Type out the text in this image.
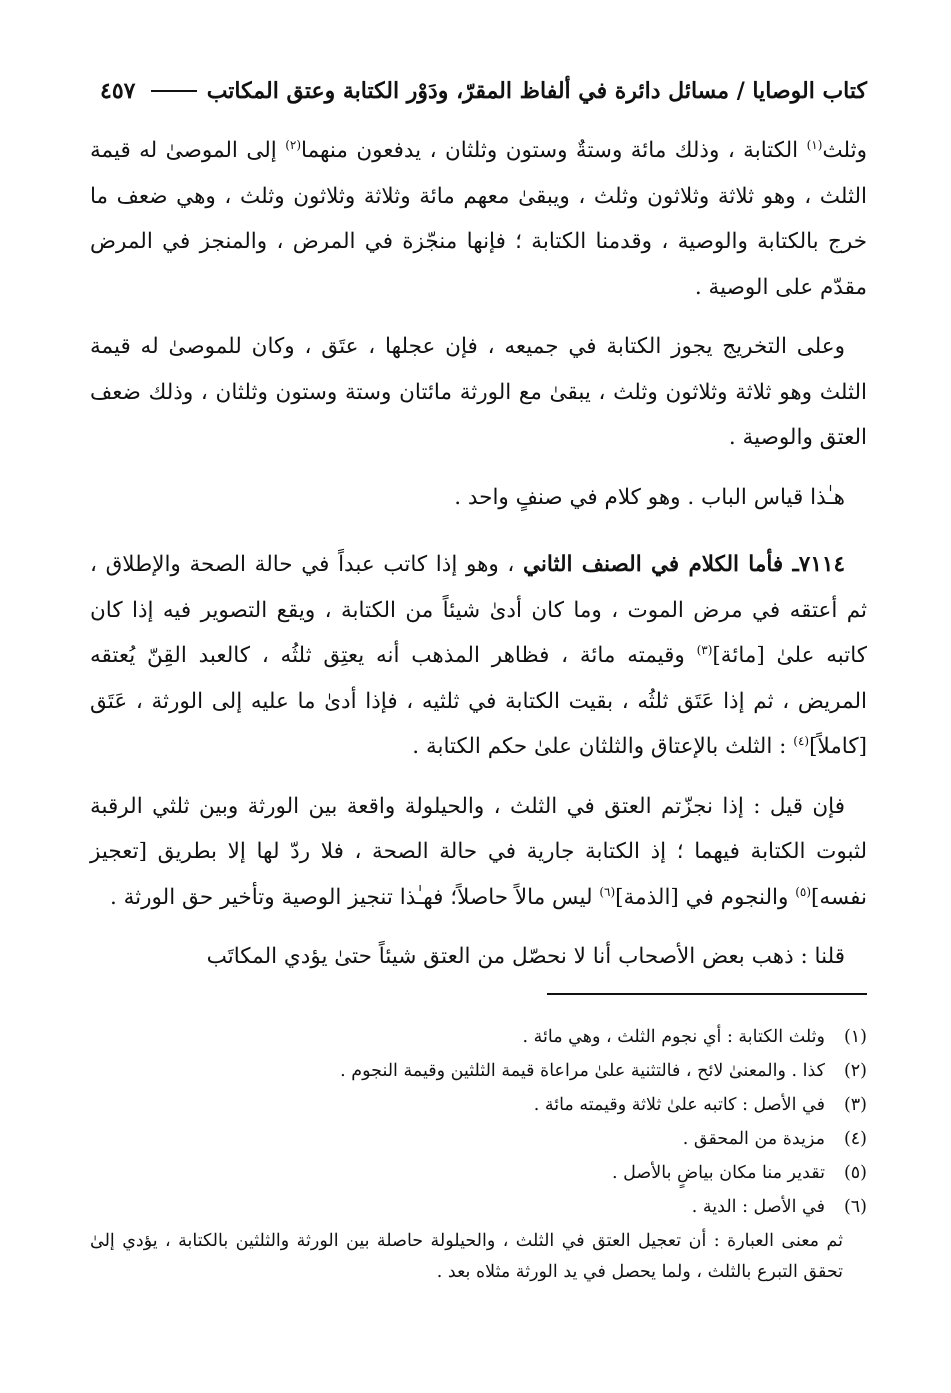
كتاب الوصايا / مسائل دائرة في ألفاظ المقرّ، ودَوْر الكتابة وعتق المكاتب
٤٥٧

وثلث$^{(١)}$ الكتابة ، وذلك مائة وستةٌ وستون وثلثان ، يدفعون منهما$^{(٢)}$ إلى الموصىٰ له قيمة الثلث ، وهو ثلاثة وثلاثون وثلث ، ويبقىٰ معهم مائة وثلاثة وثلاثون وثلث ، وهي ضعف ما خرج بالكتابة والوصية ، وقدمنا الكتابة ؛ فإنها منجّزة في المرض ، والمنجز في المرض مقدّم على الوصية .

وعلى التخريج يجوز الكتابة في جميعه ، فإن عجلها ، عتَق ، وكان للموصىٰ له قيمة الثلث وهو ثلاثة وثلاثون وثلث ، يبقىٰ مع الورثة مائتان وستة وستون وثلثان ، وذلك ضعف العتق والوصية .

هـٰذا قياس الباب . وهو كلام في صنفٍ واحد .

٧١١٤ـ فأما الكلام في الصنف الثاني ، وهو إذا كاتب عبداً في حالة الصحة والإطلاق ، ثم أعتقه في مرض الموت ، وما كان أدىٰ شيئاً من الكتابة ، ويقع التصوير فيه إذا كان كاتبه علىٰ [مائة]$^{(٣)}$ وقيمته مائة ، فظاهر المذهب أنه يعتِق ثلثُه ، كالعبد القِنّ يُعتقه المريض ، ثم إذا عَتَق ثلثُه ، بقيت الكتابة في ثلثيه ، فإذا أدىٰ ما عليه إلى الورثة ، عَتَق [كاملاً]$^{(٤)}$ : الثلث بالإعتاق والثلثان علىٰ حكم الكتابة .

فإن قيل : إذا نجزّتم العتق في الثلث ، والحيلولة واقعة بين الورثة وبين ثلثي الرقبة لثبوت الكتابة فيهما ؛ إذ الكتابة جارية في حالة الصحة ، فلا ردّ لها إلا بطريق [تعجيز نفسه]$^{(٥)}$ والنجوم في [الذمة]$^{(٦)}$ ليس مالاً حاصلاً؛ فهـٰذا تنجيز الوصية وتأخير حق الورثة .

قلنا : ذهب بعض الأصحاب أنا لا نحصّل من العتق شيئاً حتىٰ يؤدي المكاتَب

(١)
وثلث الكتابة : أي نجوم الثلث ، وهي مائة .
(٢)
كذا . والمعنىٰ لائح ، فالتثنية علىٰ مراعاة قيمة الثلثين وقيمة النجوم .
(٣)
في الأصل : كاتبه علىٰ ثلاثة وقيمته مائة .
(٤)
مزيدة من المحقق .
(٥)
تقدير منا مكان بياضٍ بالأصل .
(٦)
في الأصل : الدية .

ثم معنى العبارة : أن تعجيل العتق في الثلث ، والحيلولة حاصلة بين الورثة والثلثين بالكتابة ، يؤدي إلىٰ تحقق التبرع بالثلث ، ولما يحصل في يد الورثة مثلاه بعد .
